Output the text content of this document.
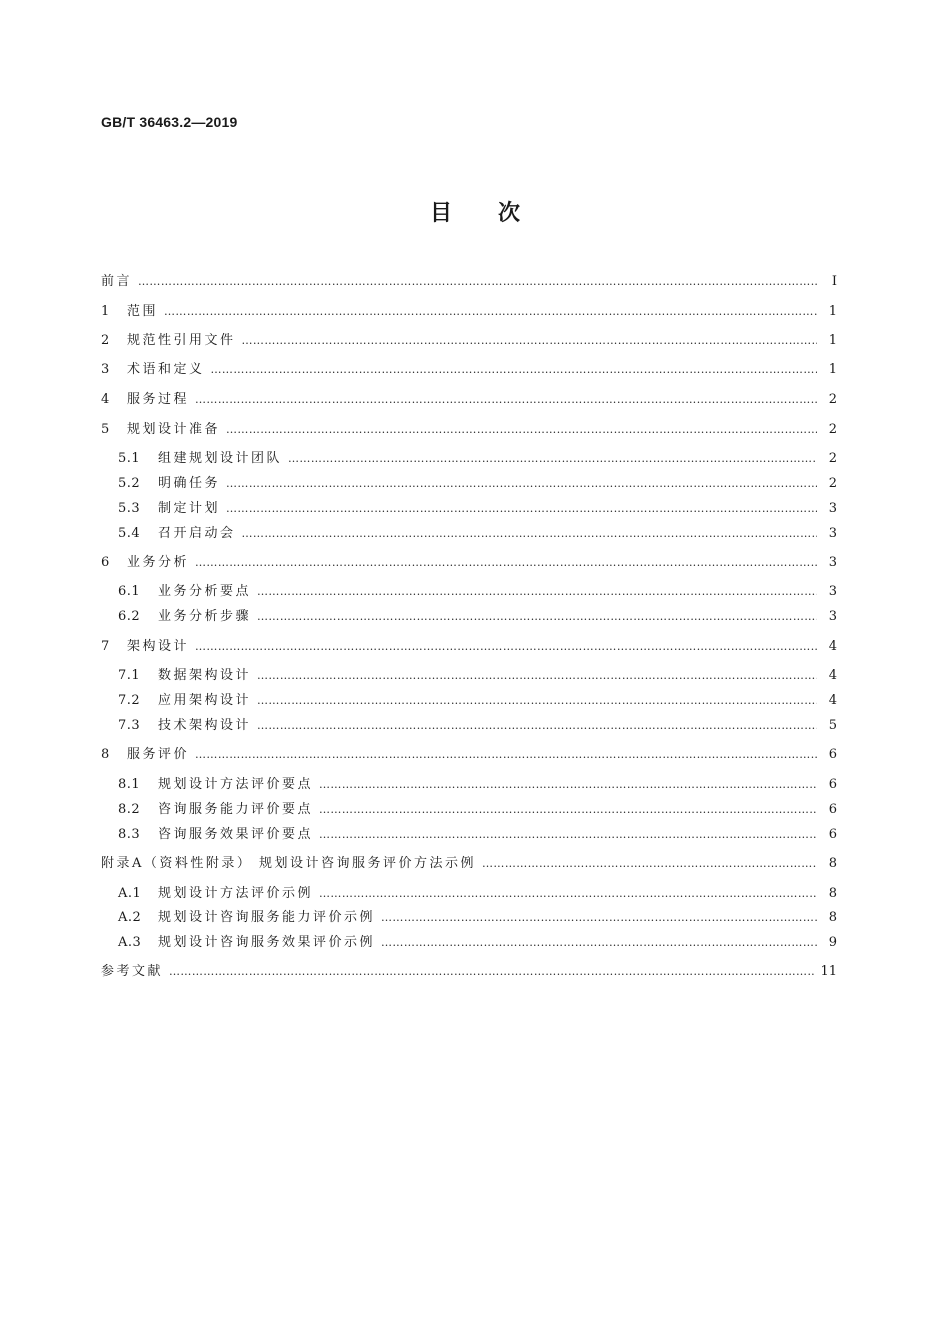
GB/T 36463.2—2019
目次
前言 ………………………………………………………………………………………………………………………………………………………………………………………………	Ⅰ
1	范围 ………………………………………………………………………………………………………………………………………………………………………………………………	1
2	规范性引用文件 ………………………………………………………………………………………………………………………………………………………………………………………………	1
3	术语和定义 ………………………………………………………………………………………………………………………………………………………………………………………………	1
4	服务过程 ………………………………………………………………………………………………………………………………………………………………………………………………	2
5	规划设计准备 ………………………………………………………………………………………………………………………………………………………………………………………………	2
5.1	组建规划设计团队 ………………………………………………………………………………………………………………………………………………………………………………………………	2
5.2	明确任务 ………………………………………………………………………………………………………………………………………………………………………………………………	2
5.3	制定计划 ………………………………………………………………………………………………………………………………………………………………………………………………	3
5.4	召开启动会 ………………………………………………………………………………………………………………………………………………………………………………………………	3
6	业务分析 ………………………………………………………………………………………………………………………………………………………………………………………………	3
6.1	业务分析要点 ………………………………………………………………………………………………………………………………………………………………………………………………	3
6.2	业务分析步骤 ………………………………………………………………………………………………………………………………………………………………………………………………	3
7	架构设计 ………………………………………………………………………………………………………………………………………………………………………………………………	4
7.1	数据架构设计 ………………………………………………………………………………………………………………………………………………………………………………………………	4
7.2	应用架构设计 ………………………………………………………………………………………………………………………………………………………………………………………………	4
7.3	技术架构设计 ………………………………………………………………………………………………………………………………………………………………………………………………	5
8	服务评价 ………………………………………………………………………………………………………………………………………………………………………………………………	6
8.1	规划设计方法评价要点 ………………………………………………………………………………………………………………………………………………………………………………………………	6
8.2	咨询服务能力评价要点 ………………………………………………………………………………………………………………………………………………………………………………………………	6
8.3	咨询服务效果评价要点 ………………………………………………………………………………………………………………………………………………………………………………………………	6
附录A（资料性附录） 规划设计咨询服务评价方法示例 ………………………………………………………………………………………………………………………………………………………………………………………………	8
A.1	规划设计方法评价示例 ………………………………………………………………………………………………………………………………………………………………………………………………	8
A.2	规划设计咨询服务能力评价示例 ………………………………………………………………………………………………………………………………………………………………………………………………	8
A.3	规划设计咨询服务效果评价示例 ………………………………………………………………………………………………………………………………………………………………………………………………	9
参考文献 ………………………………………………………………………………………………………………………………………………………………………………………………	11
